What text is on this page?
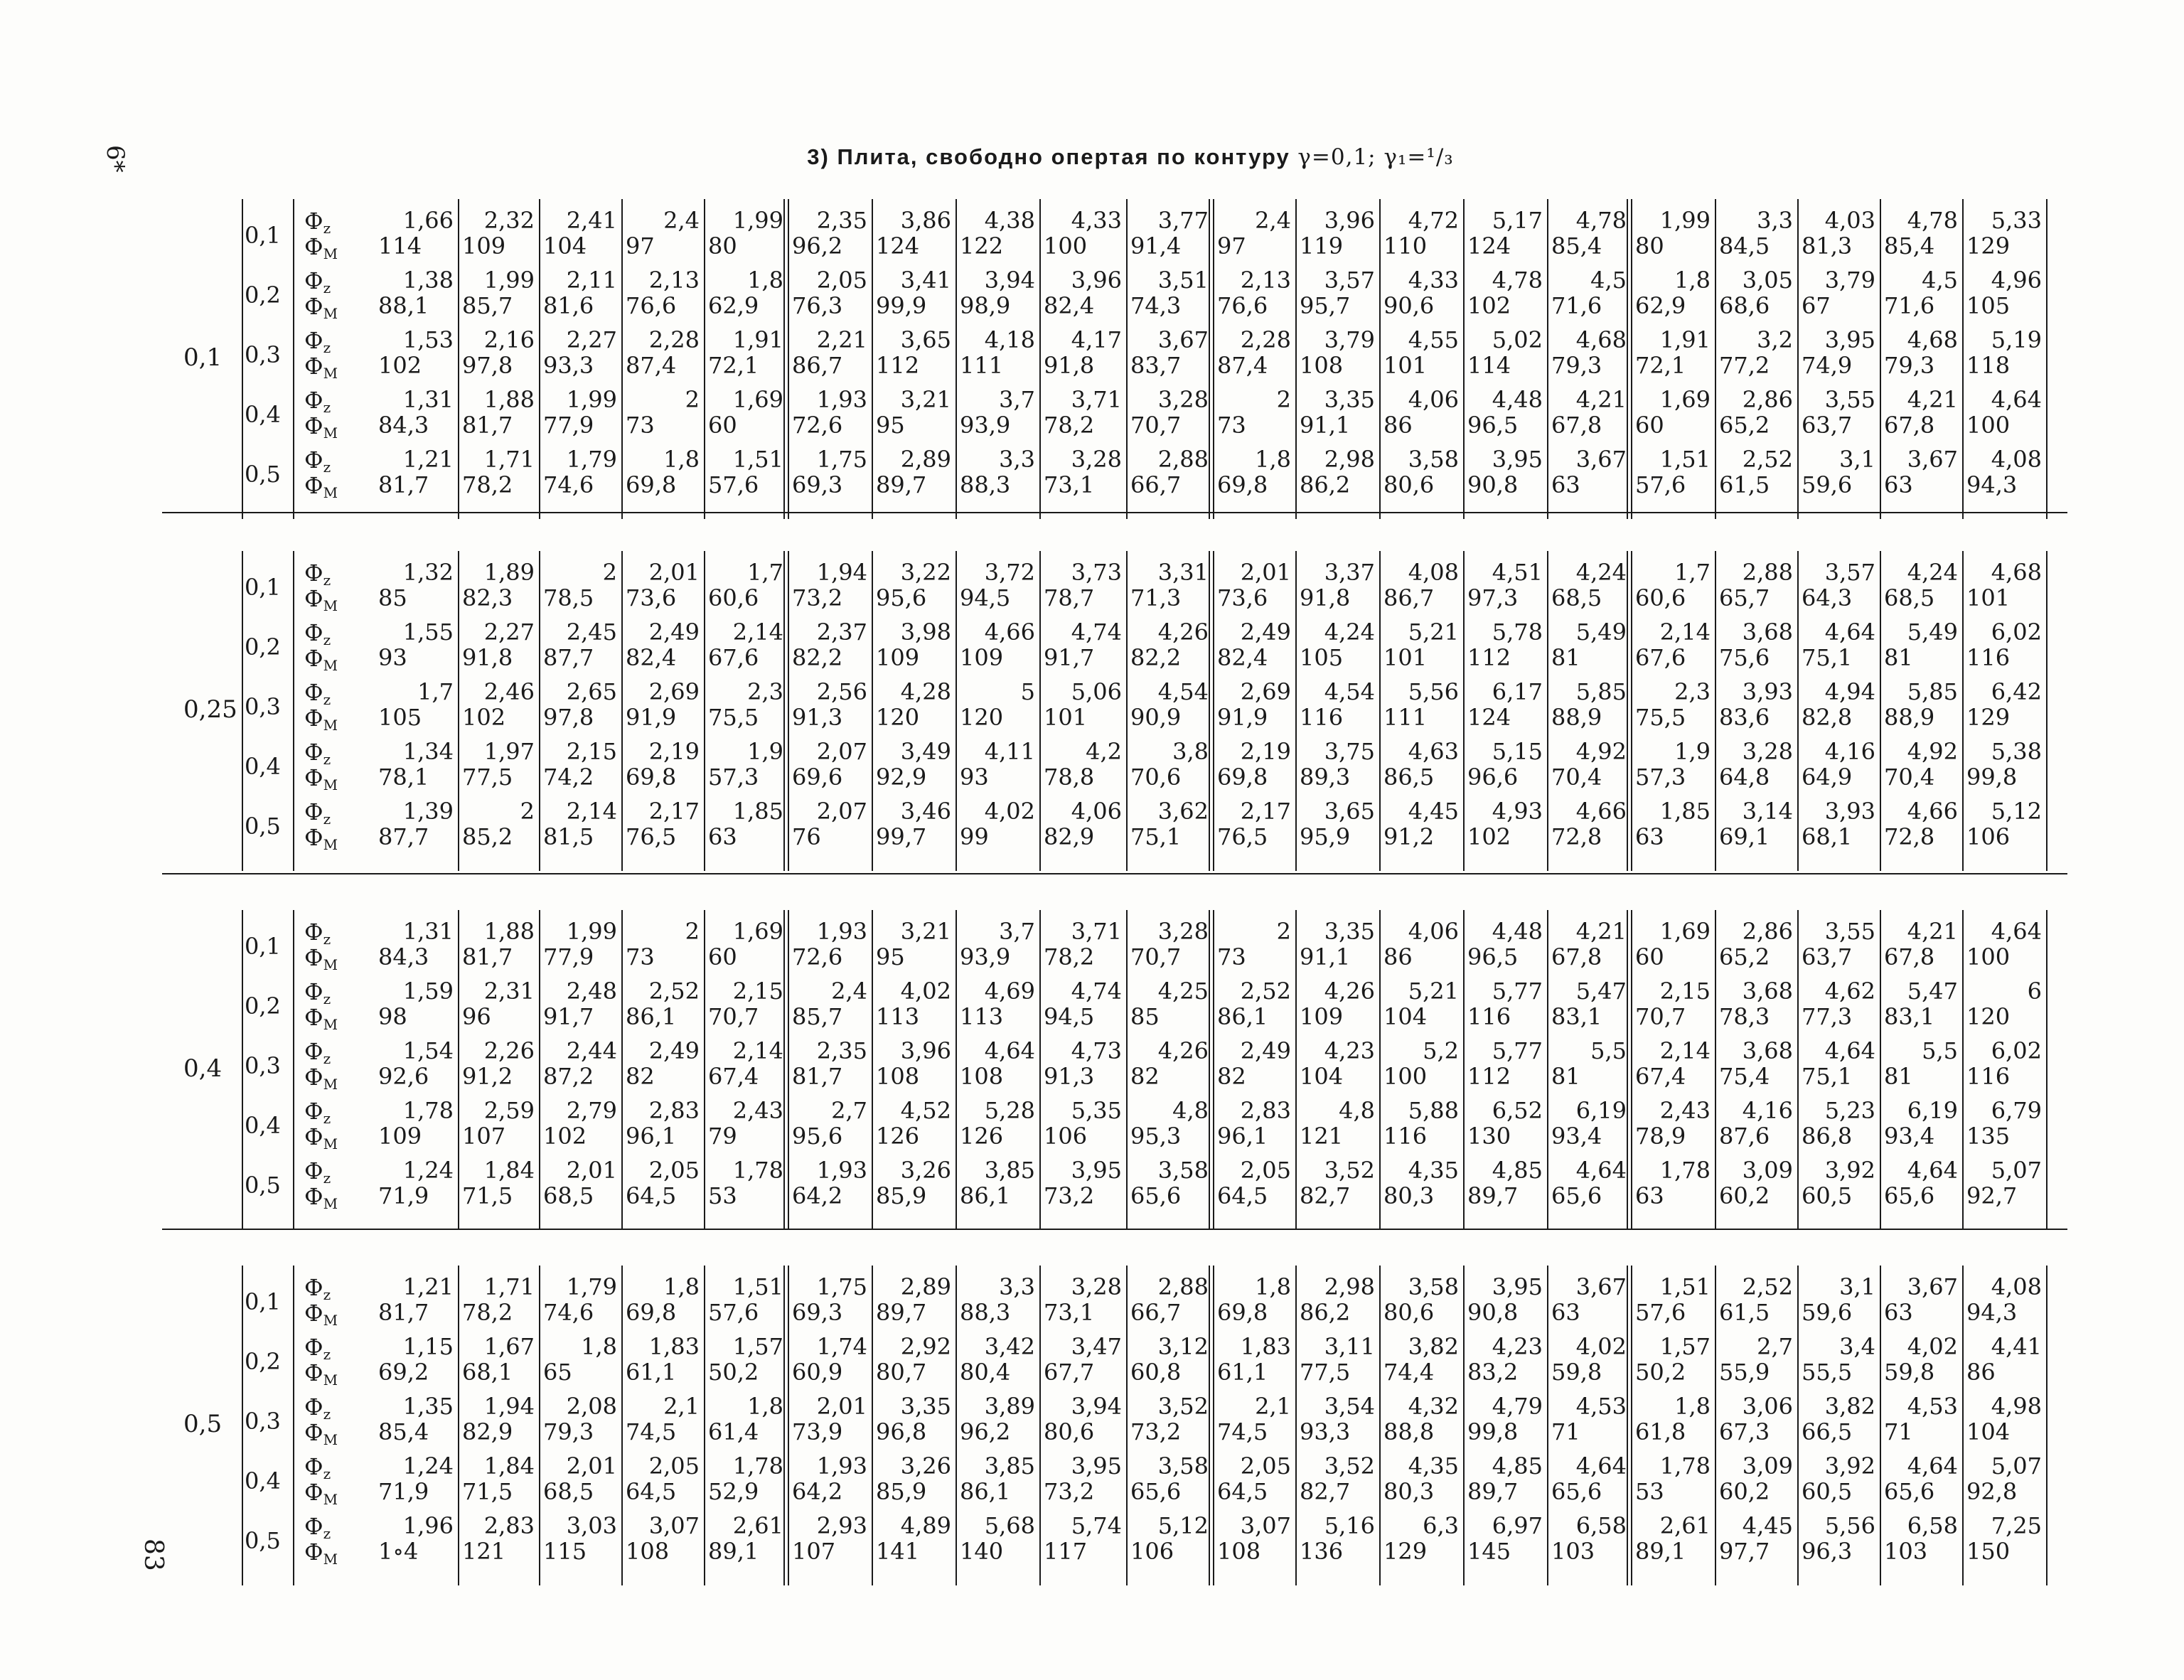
3) Плита, свободно опертая по контуру γ=0,1; γ₁=¹/₃
6*
83
0,1
0,1
$Ф_z$
$Ф_M$
1,66
114
2,32
109
2,41
104
2,4
97
1,99
80
2,35
96,2
3,86
124
4,38
122
4,33
100
3,77
91,4
2,4
97
3,96
119
4,72
110
5,17
124
4,78
85,4
1,99
80
3,3
84,5
4,03
81,3
4,78
85,4
5,33
129
0,2
$Ф_z$
$Ф_M$
1,38
88,1
1,99
85,7
2,11
81,6
2,13
76,6
1,8
62,9
2,05
76,3
3,41
99,9
3,94
98,9
3,96
82,4
3,51
74,3
2,13
76,6
3,57
95,7
4,33
90,6
4,78
102
4,5
71,6
1,8
62,9
3,05
68,6
3,79
67
4,5
71,6
4,96
105
0,3
$Ф_z$
$Ф_M$
1,53
102
2,16
97,8
2,27
93,3
2,28
87,4
1,91
72,1
2,21
86,7
3,65
112
4,18
111
4,17
91,8
3,67
83,7
2,28
87,4
3,79
108
4,55
101
5,02
114
4,68
79,3
1,91
72,1
3,2
77,2
3,95
74,9
4,68
79,3
5,19
118
0,4
$Ф_z$
$Ф_M$
1,31
84,3
1,88
81,7
1,99
77,9
2
73
1,69
60
1,93
72,6
3,21
95
3,7
93,9
3,71
78,2
3,28
70,7
2
73
3,35
91,1
4,06
86
4,48
96,5
4,21
67,8
1,69
60
2,86
65,2
3,55
63,7
4,21
67,8
4,64
100
0,5
$Ф_z$
$Ф_M$
1,21
81,7
1,71
78,2
1,79
74,6
1,8
69,8
1,51
57,6
1,75
69,3
2,89
89,7
3,3
88,3
3,28
73,1
2,88
66,7
1,8
69,8
2,98
86,2
3,58
80,6
3,95
90,8
3,67
63
1,51
57,6
2,52
61,5
3,1
59,6
3,67
63
4,08
94,3
0,25
0,1
$Ф_z$
$Ф_M$
1,32
85
1,89
82,3
2
78,5
2,01
73,6
1,7
60,6
1,94
73,2
3,22
95,6
3,72
94,5
3,73
78,7
3,31
71,3
2,01
73,6
3,37
91,8
4,08
86,7
4,51
97,3
4,24
68,5
1,7
60,6
2,88
65,7
3,57
64,3
4,24
68,5
4,68
101
0,2
$Ф_z$
$Ф_M$
1,55
93
2,27
91,8
2,45
87,7
2,49
82,4
2,14
67,6
2,37
82,2
3,98
109
4,66
109
4,74
91,7
4,26
82,2
2,49
82,4
4,24
105
5,21
101
5,78
112
5,49
81
2,14
67,6
3,68
75,6
4,64
75,1
5,49
81
6,02
116
0,3
$Ф_z$
$Ф_M$
1,7
105
2,46
102
2,65
97,8
2,69
91,9
2,3
75,5
2,56
91,3
4,28
120
5
120
5,06
101
4,54
90,9
2,69
91,9
4,54
116
5,56
111
6,17
124
5,85
88,9
2,3
75,5
3,93
83,6
4,94
82,8
5,85
88,9
6,42
129
0,4
$Ф_z$
$Ф_M$
1,34
78,1
1,97
77,5
2,15
74,2
2,19
69,8
1,9
57,3
2,07
69,6
3,49
92,9
4,11
93
4,2
78,8
3,8
70,6
2,19
69,8
3,75
89,3
4,63
86,5
5,15
96,6
4,92
70,4
1,9
57,3
3,28
64,8
4,16
64,9
4,92
70,4
5,38
99,8
0,5
$Ф_z$
$Ф_M$
1,39
87,7
2
85,2
2,14
81,5
2,17
76,5
1,85
63
2,07
76
3,46
99,7
4,02
99
4,06
82,9
3,62
75,1
2,17
76,5
3,65
95,9
4,45
91,2
4,93
102
4,66
72,8
1,85
63
3,14
69,1
3,93
68,1
4,66
72,8
5,12
106
0,4
0,1
$Ф_z$
$Ф_M$
1,31
84,3
1,88
81,7
1,99
77,9
2
73
1,69
60
1,93
72,6
3,21
95
3,7
93,9
3,71
78,2
3,28
70,7
2
73
3,35
91,1
4,06
86
4,48
96,5
4,21
67,8
1,69
60
2,86
65,2
3,55
63,7
4,21
67,8
4,64
100
0,2
$Ф_z$
$Ф_M$
1,59
98
2,31
96
2,48
91,7
2,52
86,1
2,15
70,7
2,4
85,7
4,02
113
4,69
113
4,74
94,5
4,25
85
2,52
86,1
4,26
109
5,21
104
5,77
116
5,47
83,1
2,15
70,7
3,68
78,3
4,62
77,3
5,47
83,1
6
120
0,3
$Ф_z$
$Ф_M$
1,54
92,6
2,26
91,2
2,44
87,2
2,49
82
2,14
67,4
2,35
81,7
3,96
108
4,64
108
4,73
91,3
4,26
82
2,49
82
4,23
104
5,2
100
5,77
112
5,5
81
2,14
67,4
3,68
75,4
4,64
75,1
5,5
81
6,02
116
0,4
$Ф_z$
$Ф_M$
1,78
109
2,59
107
2,79
102
2,83
96,1
2,43
79
2,7
95,6
4,52
126
5,28
126
5,35
106
4,8
95,3
2,83
96,1
4,8
121
5,88
116
6,52
130
6,19
93,4
2,43
78,9
4,16
87,6
5,23
86,8
6,19
93,4
6,79
135
0,5
$Ф_z$
$Ф_M$
1,24
71,9
1,84
71,5
2,01
68,5
2,05
64,5
1,78
53
1,93
64,2
3,26
85,9
3,85
86,1
3,95
73,2
3,58
65,6
2,05
64,5
3,52
82,7
4,35
80,3
4,85
89,7
4,64
65,6
1,78
63
3,09
60,2
3,92
60,5
4,64
65,6
5,07
92,7
0,5
0,1
$Ф_z$
$Ф_M$
1,21
81,7
1,71
78,2
1,79
74,6
1,8
69,8
1,51
57,6
1,75
69,3
2,89
89,7
3,3
88,3
3,28
73,1
2,88
66,7
1,8
69,8
2,98
86,2
3,58
80,6
3,95
90,8
3,67
63
1,51
57,6
2,52
61,5
3,1
59,6
3,67
63
4,08
94,3
0,2
$Ф_z$
$Ф_M$
1,15
69,2
1,67
68,1
1,8
65
1,83
61,1
1,57
50,2
1,74
60,9
2,92
80,7
3,42
80,4
3,47
67,7
3,12
60,8
1,83
61,1
3,11
77,5
3,82
74,4
4,23
83,2
4,02
59,8
1,57
50,2
2,7
55,9
3,4
55,5
4,02
59,8
4,41
86
0,3
$Ф_z$
$Ф_M$
1,35
85,4
1,94
82,9
2,08
79,3
2,1
74,5
1,8
61,4
2,01
73,9
3,35
96,8
3,89
96,2
3,94
80,6
3,52
73,2
2,1
74,5
3,54
93,3
4,32
88,8
4,79
99,8
4,53
71
1,8
61,8
3,06
67,3
3,82
66,5
4,53
71
4,98
104
0,4
$Ф_z$
$Ф_M$
1,24
71,9
1,84
71,5
2,01
68,5
2,05
64,5
1,78
52,9
1,93
64,2
3,26
85,9
3,85
86,1
3,95
73,2
3,58
65,6
2,05
64,5
3,52
82,7
4,35
80,3
4,85
89,7
4,64
65,6
1,78
53
3,09
60,2
3,92
60,5
4,64
65,6
5,07
92,8
0,5
$Ф_z$
$Ф_M$
1,96
1∘4
2,83
121
3,03
115
3,07
108
2,61
89,1
2,93
107
4,89
141
5,68
140
5,74
117
5,12
106
3,07
108
5,16
136
6,3
129
6,97
145
6,58
103
2,61
89,1
4,45
97,7
5,56
96,3
6,58
103
7,25
150
